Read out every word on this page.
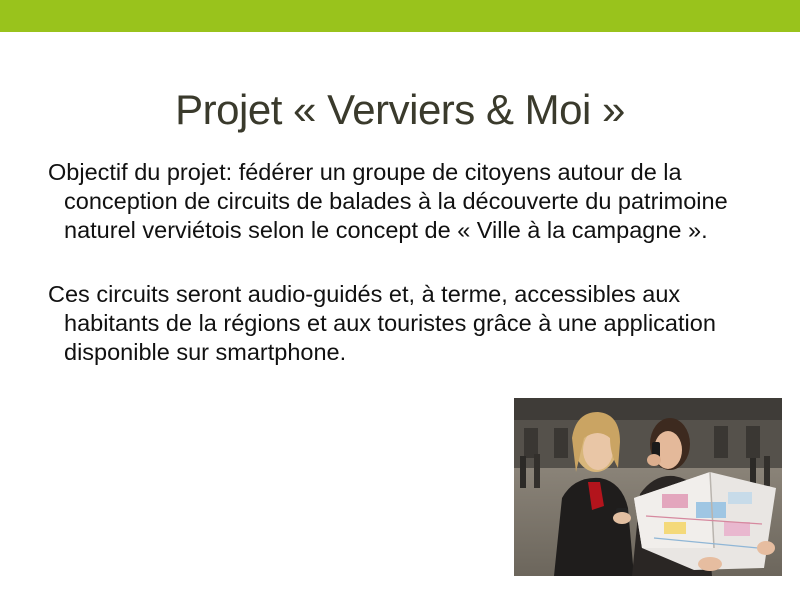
Projet « Verviers & Moi »

Objectif du projet: fédérer un groupe de citoyens autour de la conception de circuits de balades à la découverte du patrimoine naturel verviétois selon le concept de « Ville à la campagne ».

Ces circuits seront audio-guidés et, à terme, accessibles aux habitants de la régions et aux touristes grâce à une application disponible sur smartphone.
